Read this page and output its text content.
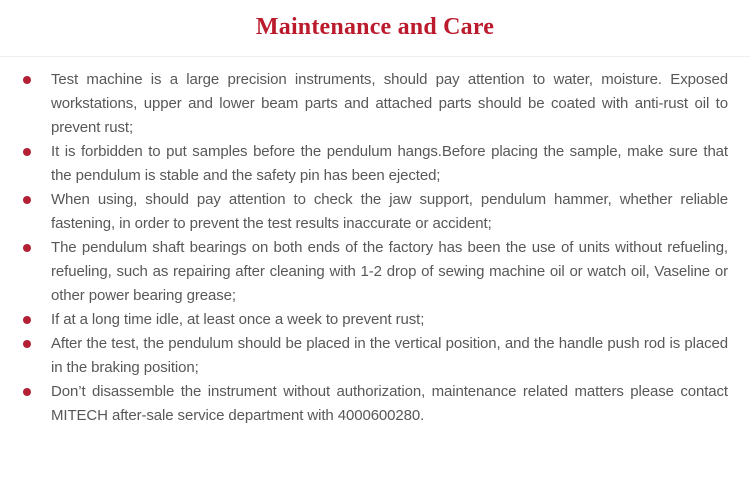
Maintenance and Care
Test machine is a large precision instruments, should pay attention to water, moisture. Exposed workstations, upper and lower beam parts and attached parts should be coated with anti-rust oil to prevent rust;
It is forbidden to put samples before the pendulum hangs.Before placing the sample, make sure that the pendulum is stable and the safety pin has been ejected;
When using, should pay attention to check the jaw support, pendulum hammer, whether reliable fastening, in order to prevent the test results inaccurate or accident;
The pendulum shaft bearings on both ends of the factory has been the use of units without refueling, refueling, such as repairing after cleaning with 1-2 drop of sewing machine oil or watch oil, Vaseline or other power bearing grease;
If at a long time idle, at least once a week to prevent rust;
After the test, the pendulum should be placed in the vertical position, and the handle push rod is placed in the braking position;
Don’t disassemble the instrument without authorization, maintenance related matters please contact MITECH after-sale service department with 4000600280.
